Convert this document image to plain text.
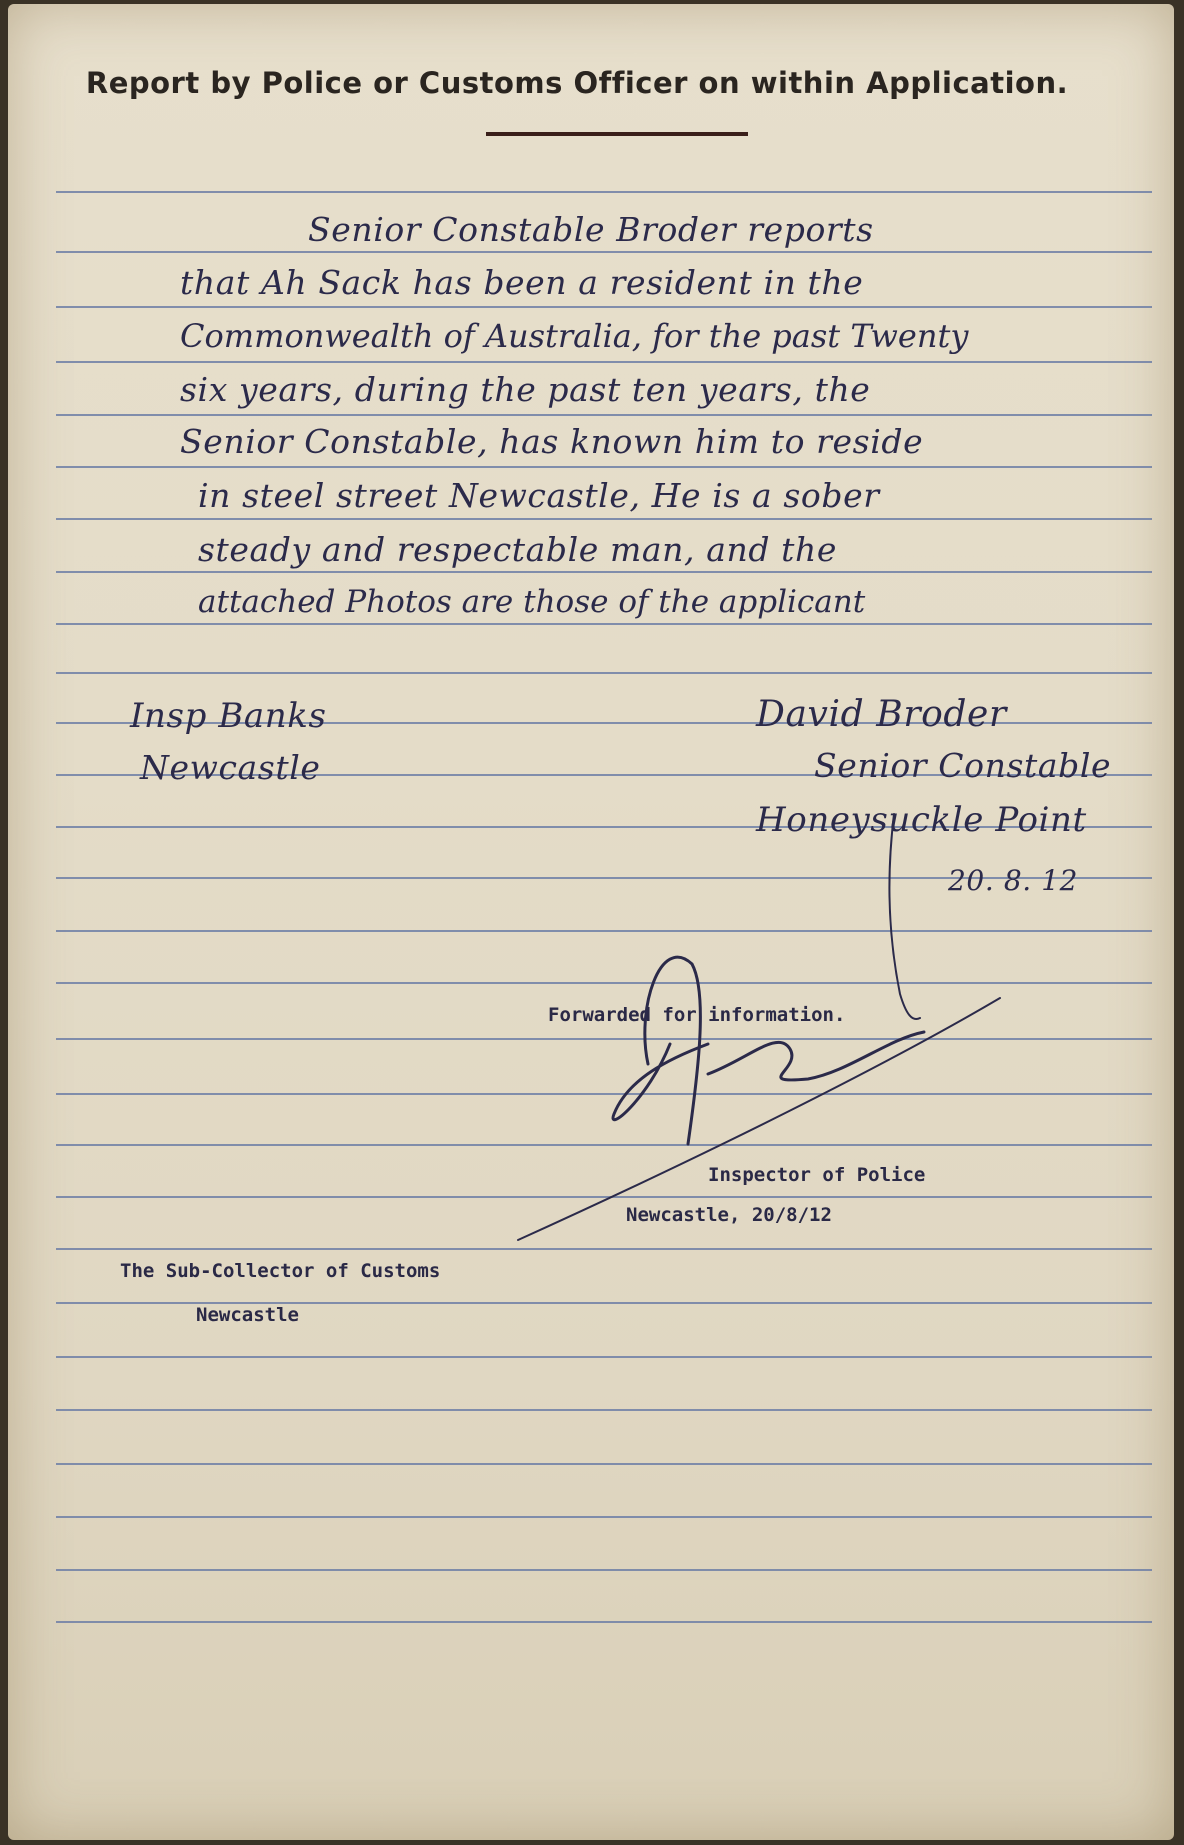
Report by Police or Customs Officer on within Application.
Senior Constable Broder reports
that Ah Sack has been a resident in the
Commonwealth of Australia, for the past Twenty
six years, during the past ten years, the
Senior Constable, has known him to reside
in steel street Newcastle, He is a sober
steady and respectable man, and the
attached Photos are those of the applicant
Insp Banks
Newcastle
David Broder
Senior Constable
Honeysuckle Point
20. 8. 12
Forwarded for information.
Inspector of Police
Newcastle, 20/8/12
The Sub-Collector of Customs
Newcastle
